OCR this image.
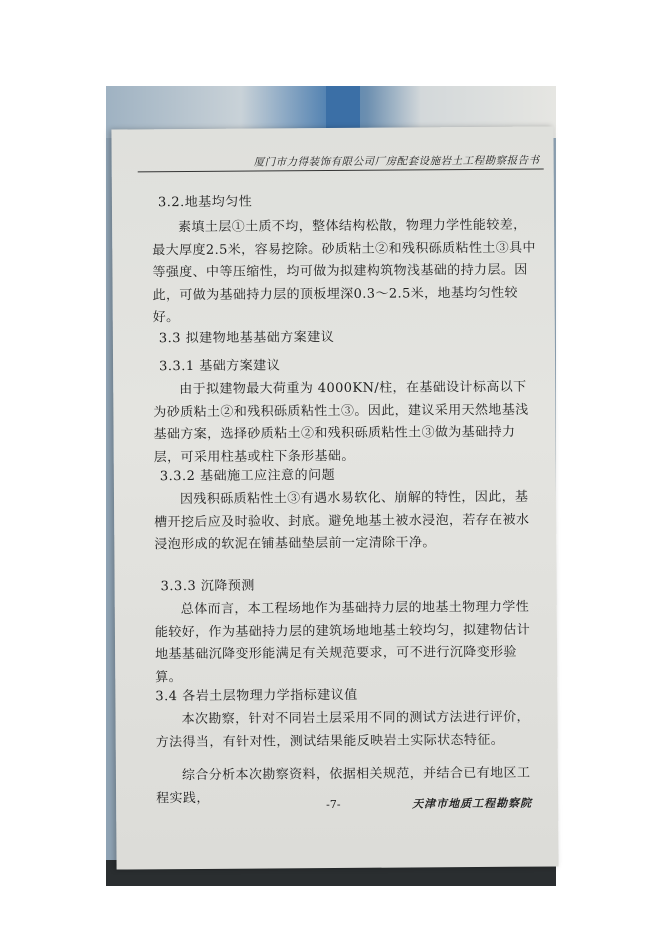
厦门市力得装饰有限公司厂房配套设施岩土工程勘察报告书
3.2.地基均匀性
素填土层①土质不均，整体结构松散，物理力学性能较差，最大厚度2.5米，容易挖除。砂质粘土②和残积砾质粘性土③具中等强度、中等压缩性，均可做为拟建构筑物浅基础的持力层。因此，可做为基础持力层的顶板埋深0.3～2.5米，地基均匀性较好。
3.3 拟建物地基基础方案建议
3.3.1 基础方案建议
由于拟建物最大荷重为 4000KN/柱，在基础设计标高以下为砂质粘土②和残积砾质粘性土③。因此，建议采用天然地基浅基础方案，选择砂质粘土②和残积砾质粘性土③做为基础持力层，可采用柱基或柱下条形基础。
3.3.2 基础施工应注意的问题
因残积砾质粘性土③有遇水易软化、崩解的特性，因此，基槽开挖后应及时验收、封底。避免地基土被水浸泡，若存在被水浸泡形成的软泥在铺基础垫层前一定清除干净。
3.3.3 沉降预测
总体而言，本工程场地作为基础持力层的地基土物理力学性能较好，作为基础持力层的建筑场地地基土较均匀，拟建物估计地基基础沉降变形能满足有关规范要求，可不进行沉降变形验算。
3.4 各岩土层物理力学指标建议值
本次勘察，针对不同岩土层采用不同的测试方法进行评价，方法得当，有针对性，测试结果能反映岩土实际状态特征。
综合分析本次勘察资料，依据相关规范，并结合已有地区工程实践，	-7-	天津市地质工程勘察院
